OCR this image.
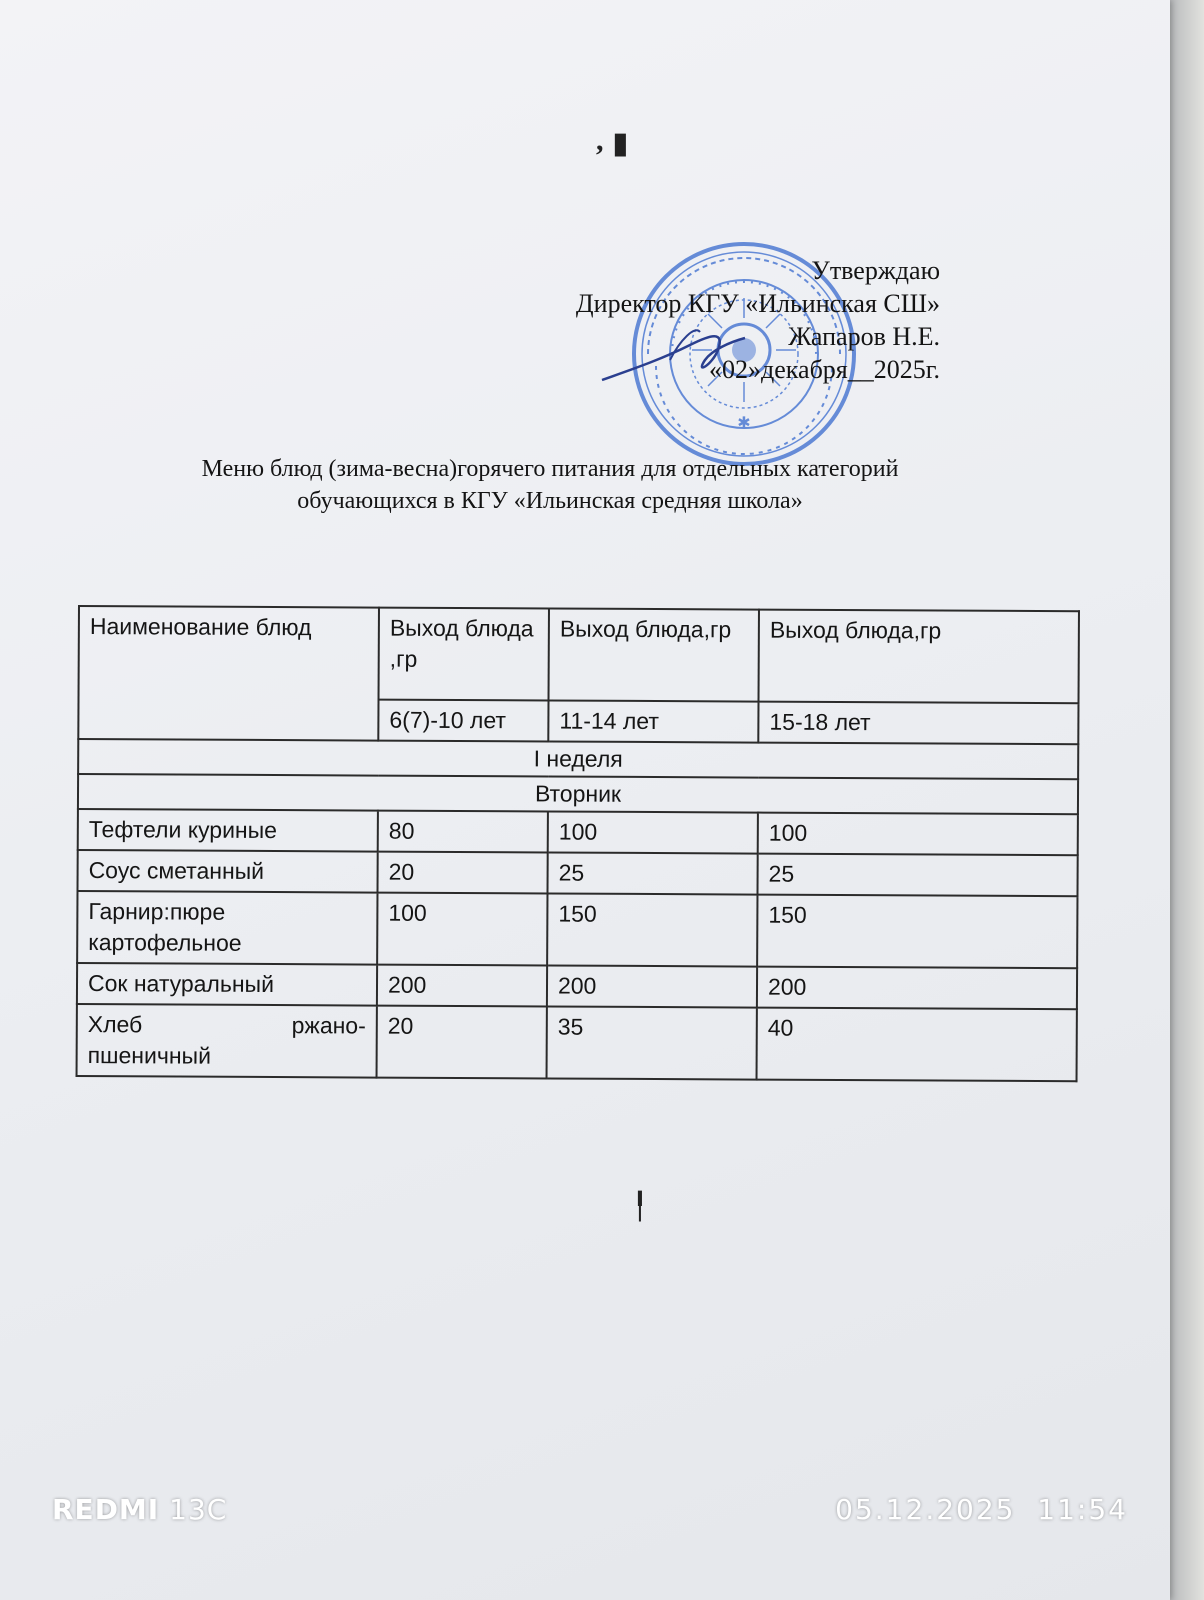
, ▮
╿
✱
Утверждаю
Директор КГУ «Ильинская СШ»
Жапаров Н.Е.
«02»декабря__2025г.
Меню блюд (зима-весна)горячего питания для отдельных категорий
обучающихся в КГУ «Ильинская средняя школа»
Наименование блюд	Выход блюда ,гр	Выход блюда,гр	Выход блюда,гр
	6(7)-10 лет	11-14 лет	15-18 лет
I неделя			
Вторник			
Тефтели куриные	80	100	100
Соус сметанный	20	25	25
Гарнир:пюре картофельное	100	150	150
Сок натуральный	200	200	200

Хлеб ржано-
пшеничный	20	35	40
REDMI 13C	05.12.2025 11:54
